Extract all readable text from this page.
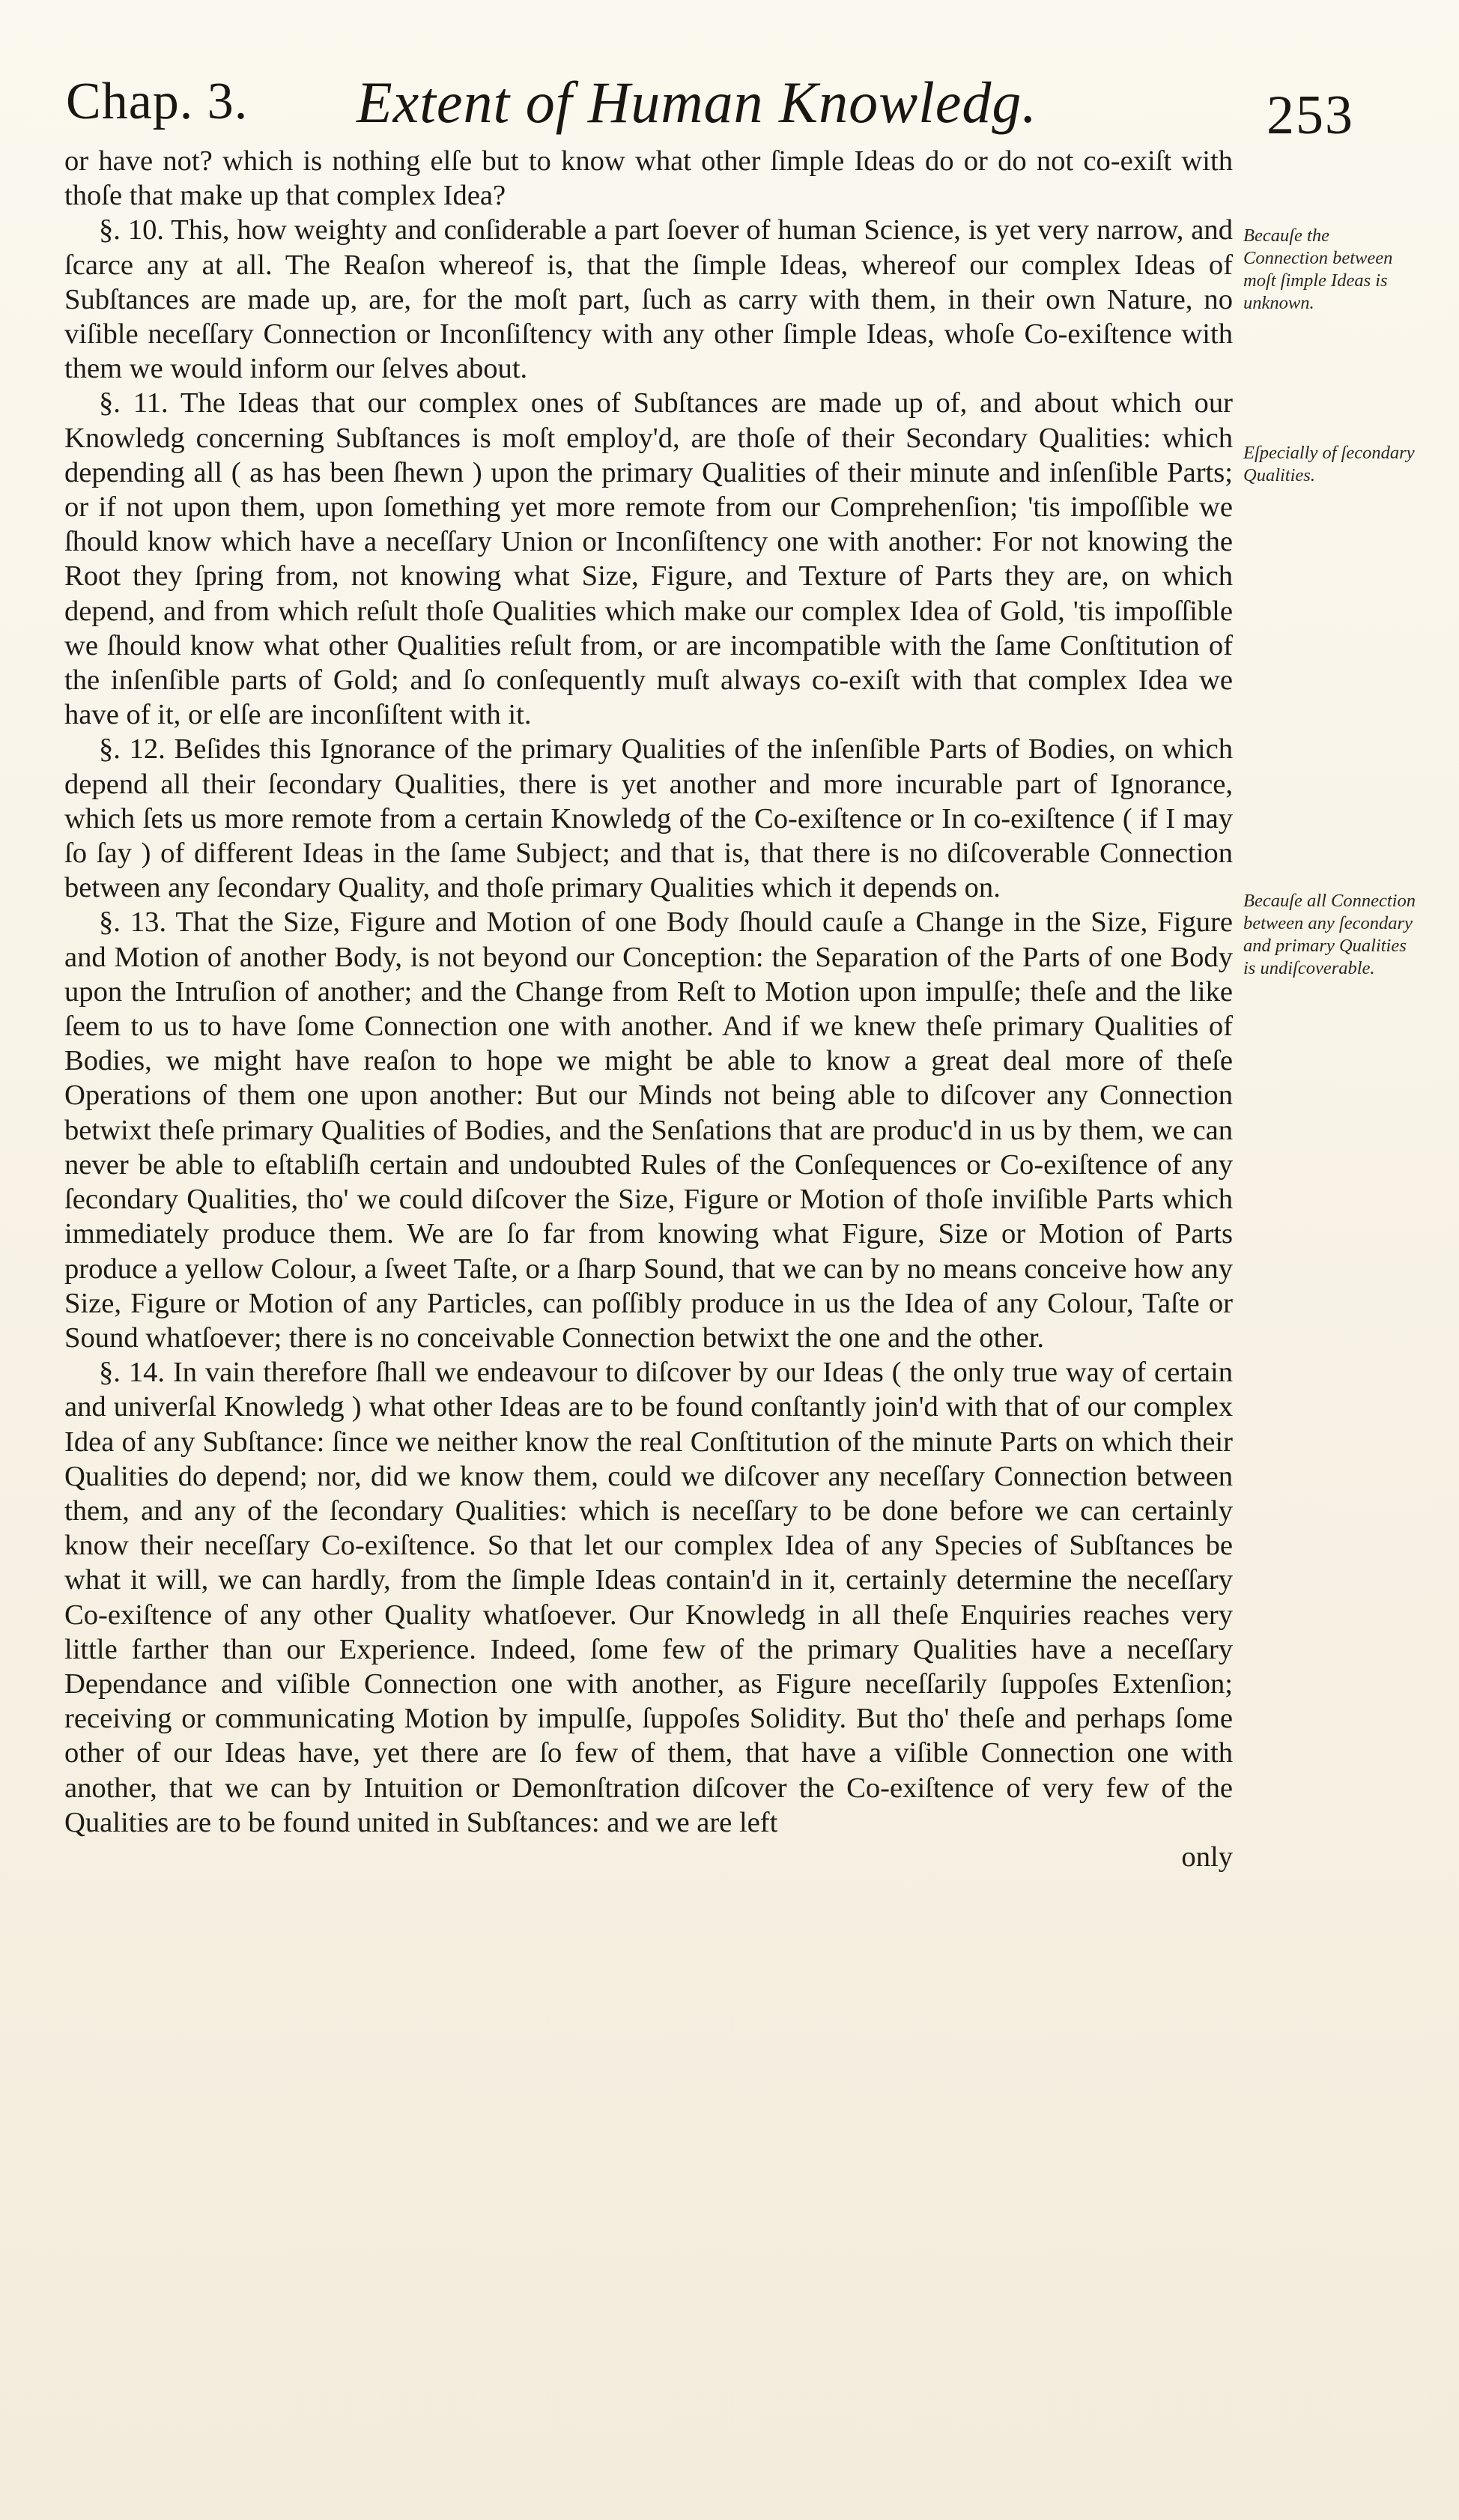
Chap. 3. Extent of Human Knowledg.	253

or have not? which is nothing elſe but to know what other ſimple Ideas do or do not co-exiſt with thoſe that make up that complex Idea?

§. 10. This, how weighty and conſiderable a part ſoever of human Science, is yet very narrow, and ſcarce any at all. The Reaſon whereof is, that the ſimple Ideas, whereof our complex Ideas of Subſtances are made up, are, for the moſt part, ſuch as carry with them, in their own Nature, no viſible neceſſary Connection or Inconſiſtency with any other ſimple Ideas, whoſe Co-exiſtence with them we would inform our ſelves about.

§. 11. The Ideas that our complex ones of Subſtances are made up of, and about which our Knowledg concerning Subſtances is moſt employ'd, are thoſe of their Secondary Qualities: which depending all ( as has been ſhewn ) upon the primary Qualities of their minute and inſenſible Parts; or if not upon them, upon ſomething yet more remote from our Comprehenſion; 'tis impoſſible we ſhould know which have a neceſſary Union or Inconſiſtency one with another: For not knowing the Root they ſpring from, not knowing what Size, Figure, and Texture of Parts they are, on which depend, and from which reſult thoſe Qualities which make our complex Idea of Gold, 'tis impoſſible we ſhould know what other Qualities reſult from, or are incompatible with the ſame Conſtitution of the inſenſible parts of Gold; and ſo conſequently muſt always co-exiſt with that complex Idea we have of it, or elſe are inconſiſtent with it.

§. 12. Beſides this Ignorance of the primary Qualities of the inſenſible Parts of Bodies, on which depend all their ſecondary Qualities, there is yet another and more incurable part of Ignorance, which ſets us more remote from a certain Knowledg of the Co-exiſtence or In co-exiſtence ( if I may ſo ſay ) of different Ideas in the ſame Subject; and that is, that there is no diſcoverable Connection between any ſecondary Quality, and thoſe primary Qualities which it depends on.

§. 13. That the Size, Figure and Motion of one Body ſhould cauſe a Change in the Size, Figure and Motion of another Body, is not beyond our Conception: the Separation of the Parts of one Body upon the Intruſion of another; and the Change from Reſt to Motion upon impulſe; theſe and the like ſeem to us to have ſome Connection one with another. And if we knew theſe primary Qualities of Bodies, we might have reaſon to hope we might be able to know a great deal more of theſe Operations of them one upon another: But our Minds not being able to diſcover any Connection betwixt theſe primary Qualities of Bodies, and the Senſations that are produc'd in us by them, we can never be able to eſtabliſh certain and undoubted Rules of the Conſequences or Co-exiſtence of any ſecondary Qualities, tho' we could diſcover the Size, Figure or Motion of thoſe inviſible Parts which immediately produce them. We are ſo far from knowing what Figure, Size or Motion of Parts produce a yellow Colour, a ſweet Taſte, or a ſharp Sound, that we can by no means conceive how any Size, Figure or Motion of any Particles, can poſſibly produce in us the Idea of any Colour, Taſte or Sound whatſoever; there is no conceivable Connection betwixt the one and the other.

§. 14. In vain therefore ſhall we endeavour to diſcover by our Ideas ( the only true way of certain and univerſal Knowledg ) what other Ideas are to be found conſtantly join'd with that of our complex Idea of any Subſtance: ſince we neither know the real Conſtitution of the minute Parts on which their Qualities do depend; nor, did we know them, could we diſcover any neceſſary Connection between them, and any of the ſecondary Qualities: which is neceſſary to be done before we can certainly know their neceſſary Co-exiſtence. So that let our complex Idea of any Species of Subſtances be what it will, we can hardly, from the ſimple Ideas contain'd in it, certainly determine the neceſſary Co-exiſtence of any other Quality whatſoever. Our Knowledg in all theſe Enquiries reaches very little farther than our Experience. Indeed, ſome few of the primary Qualities have a neceſſary Dependance and viſible Connection one with another, as Figure neceſſarily ſuppoſes Extenſion; receiving or communicating Motion by impulſe, ſuppoſes Solidity. But tho' theſe and perhaps ſome other of our Ideas have, yet there are ſo few of them, that have a viſible Connection one with another, that we can by Intuition or Demonſtration diſcover the Co-exiſtence of very few of the Qualities are to be found united in Subſtances: and we are left

only

Becauſe the Connection between moſt ſimple Ideas is unknown.
Eſpecially of ſecondary Qualities.
Becauſe all Connection between any ſecondary and primary Qualities is undiſcoverable.
